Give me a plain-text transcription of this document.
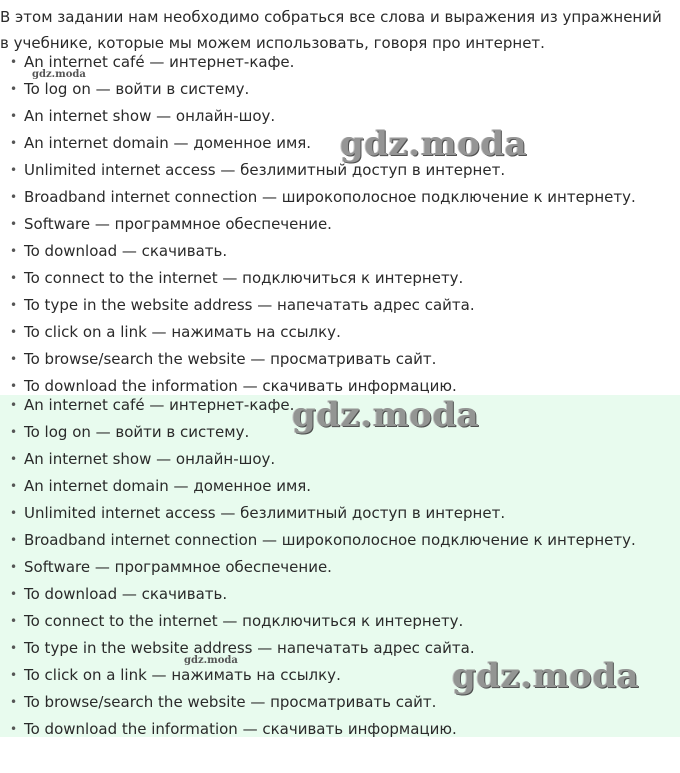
В этом задании нам необходимо собраться все слова и выражения из упражнений в учебнике, которые мы можем использовать, говоря про интернет.
• An internet café — интернет-кафе.
• To log on — войти в систему.
• An internet show — онлайн-шоу.
• An internet domain — доменное имя.
• Unlimited internet access — безлимитный доступ в интернет.
• Broadband internet connection — широкополосное подключение к интернету.
• Software — программное обеспечение.
• To download — скачивать.
• To connect to the internet — подключиться к интернету.
• To type in the website address — напечатать адрес сайта.
• To click on a link — нажимать на ссылку.
• To browse/search the website — просматривать сайт.
• To download the information — скачивать информацию.
• An internet café — интернет-кафе.
• To log on — войти в систему.
• An internet show — онлайн-шоу.
• An internet domain — доменное имя.
• Unlimited internet access — безлимитный доступ в интернет.
• Broadband internet connection — широкополосное подключение к интернету.
• Software — программное обеспечение.
• To download — скачивать.
• To connect to the internet — подключиться к интернету.
• To type in the website address — напечатать адрес сайта.
• To click on a link — нажимать на ссылку.
• To browse/search the website — просматривать сайт.
• To download the information — скачивать информацию.
gdz.moda
gdz.moda
gdz.moda
gdz.moda	gdz.moda
